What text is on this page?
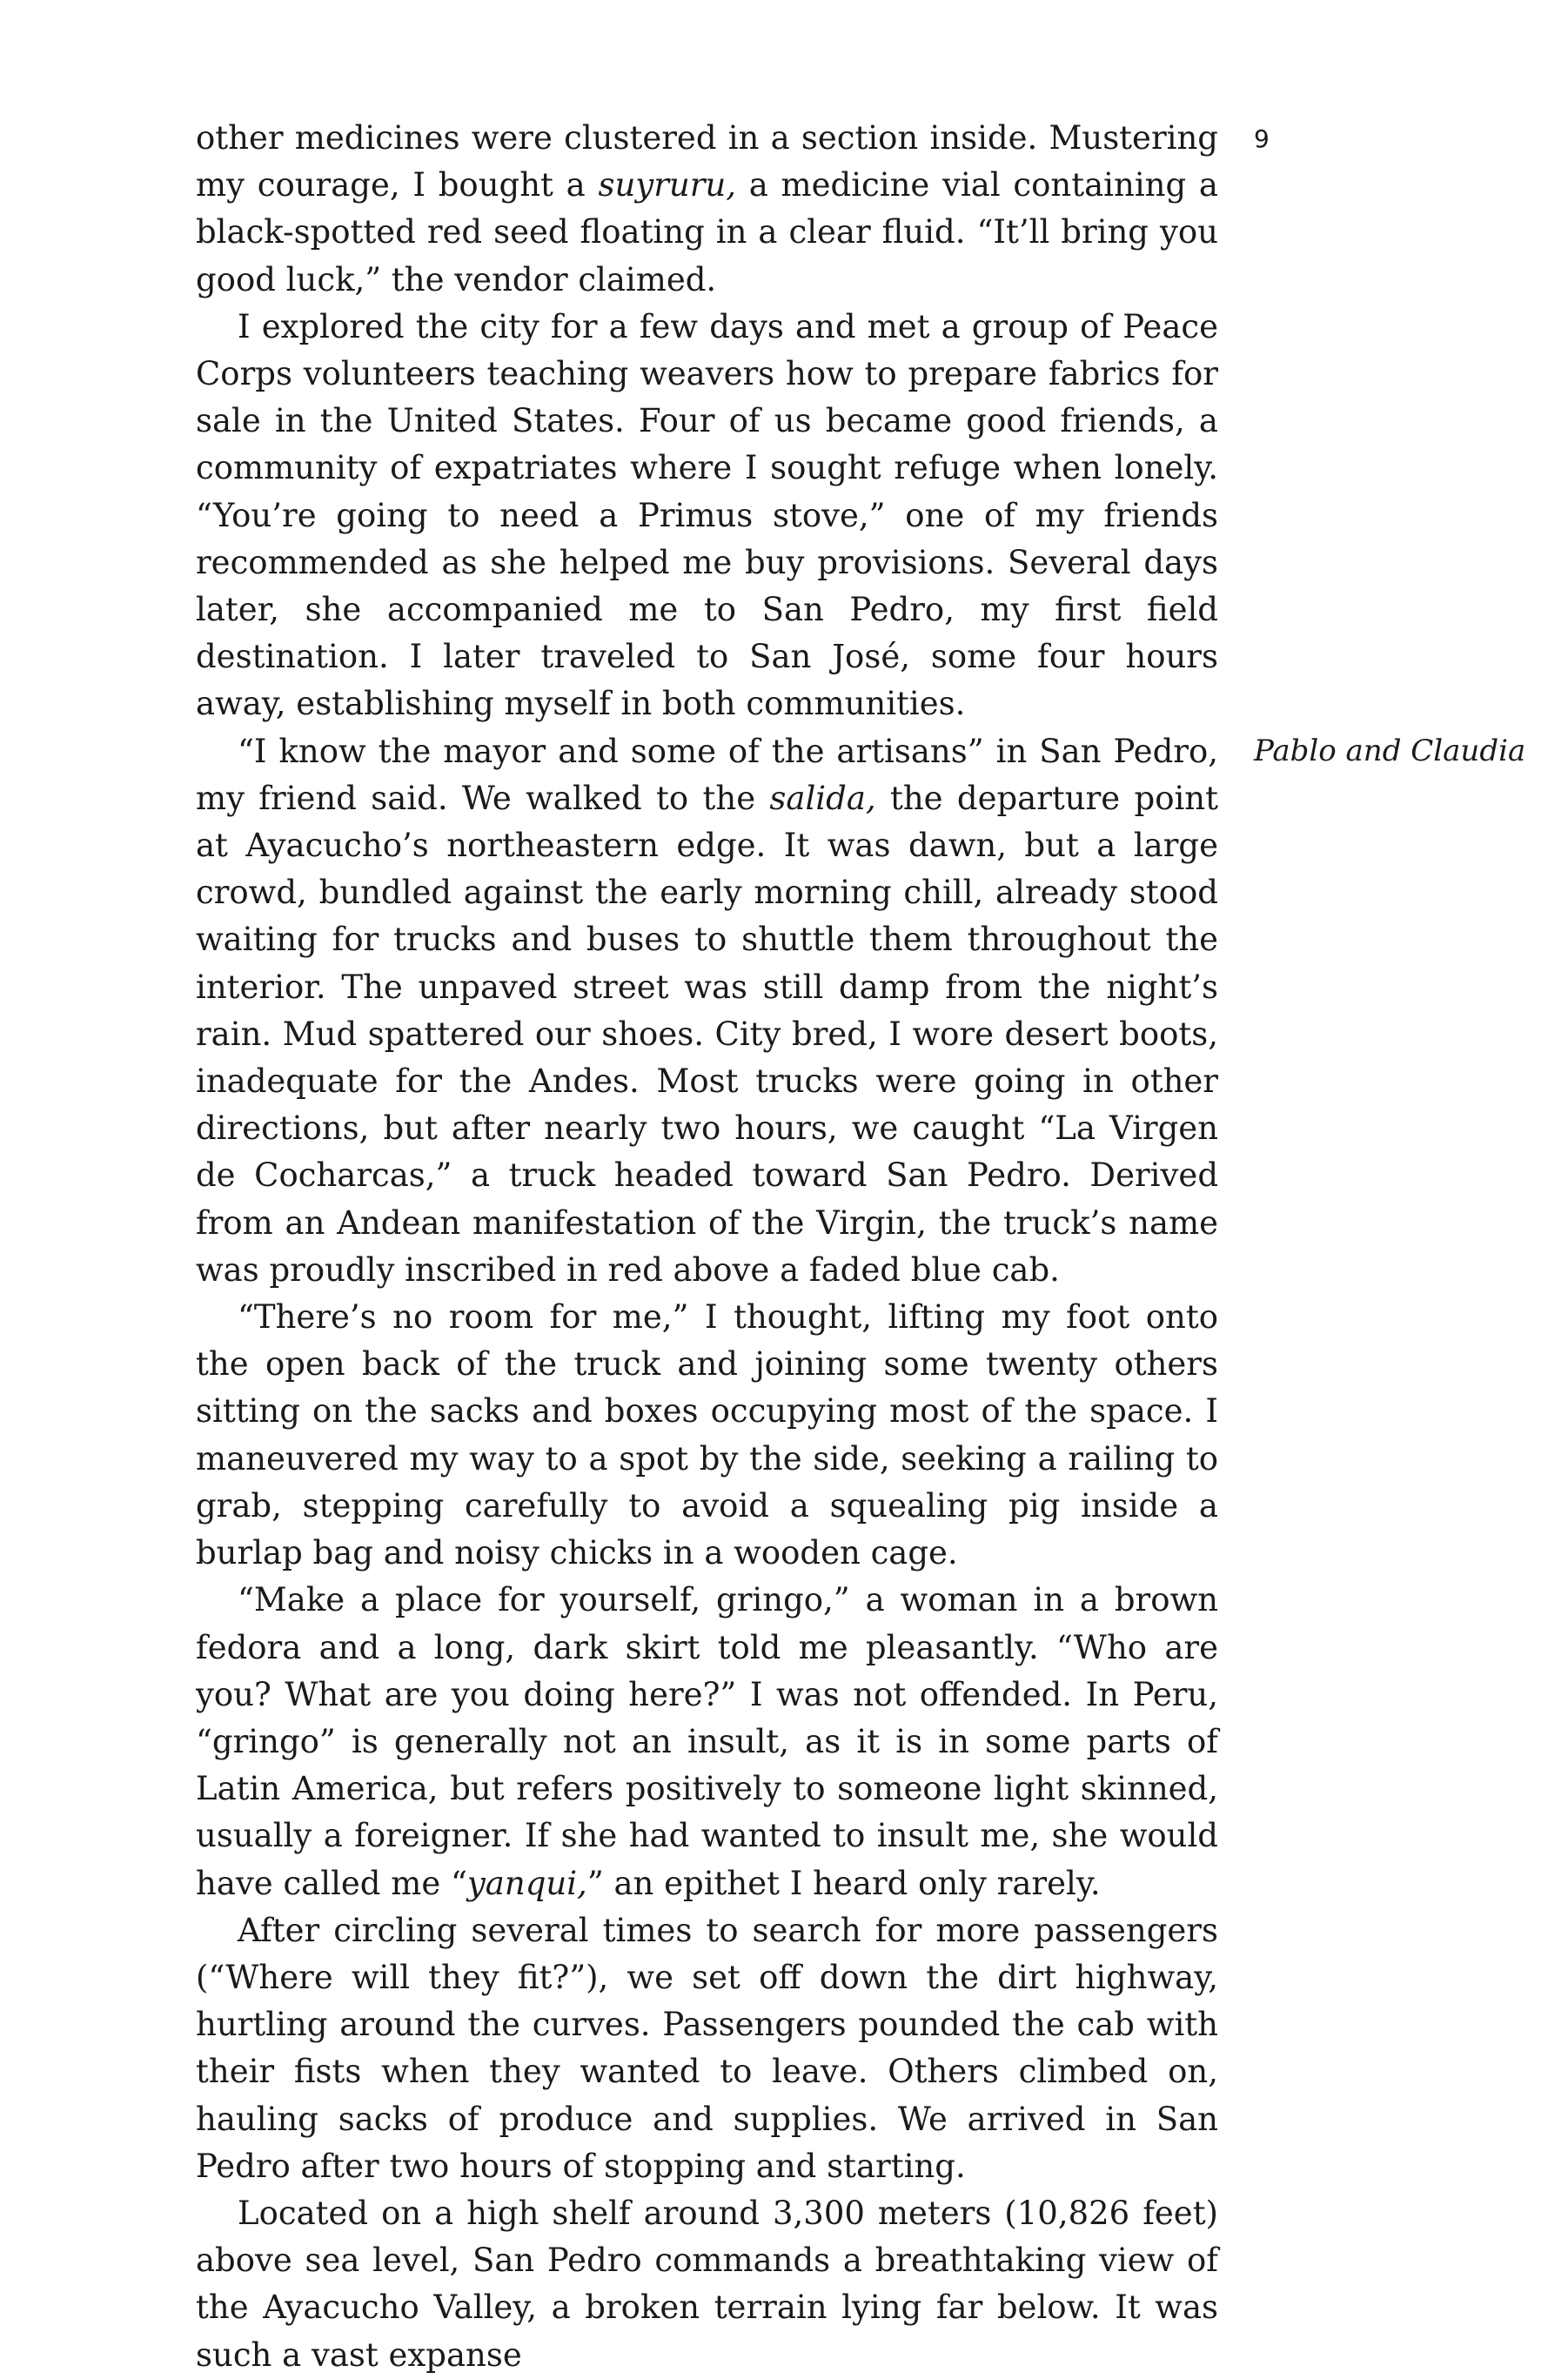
other medicines were clustered in a section inside. Mustering my courage, I bought a suyruru, a medicine vial containing a black-spotted red seed floating in a clear fluid. “It’ll bring you good luck,” the vendor claimed.

I explored the city for a few days and met a group of Peace Corps volunteers teaching weavers how to prepare fabrics for sale in the United States. Four of us became good friends, a community of expatriates where I sought refuge when lonely. “You’re going to need a Primus stove,” one of my friends recommended as she helped me buy provisions. Several days later, she accompanied me to San Pedro, my first field destination. I later traveled to San José, some four hours away, establishing myself in both communities.

“I know the mayor and some of the artisans” in San Pedro, my friend said. We walked to the salida, the departure point at Ayacucho’s northeastern edge. It was dawn, but a large crowd, bundled against the early morning chill, already stood waiting for trucks and buses to shuttle them throughout the interior. The unpaved street was still damp from the night’s rain. Mud spattered our shoes. City bred, I wore desert boots, inadequate for the Andes. Most trucks were going in other directions, but after nearly two hours, we caught “La Virgen de Cocharcas,” a truck headed toward San Pedro. Derived from an Andean manifestation of the Virgin, the truck’s name was proudly inscribed in red above a faded blue cab.

“There’s no room for me,” I thought, lifting my foot onto the open back of the truck and joining some twenty others sitting on the sacks and boxes occupying most of the space. I maneuvered my way to a spot by the side, seeking a railing to grab, stepping carefully to avoid a squealing pig inside a burlap bag and noisy chicks in a wooden cage.

“Make a place for yourself, gringo,” a woman in a brown fedora and a long, dark skirt told me pleasantly. “Who are you? What are you doing here?” I was not offended. In Peru, “gringo” is generally not an insult, as it is in some parts of Latin America, but refers positively to someone light skinned, usually a foreigner. If she had wanted to insult me, she would have called me “yanqui,” an epithet I heard only rarely.

After circling several times to search for more passengers (“Where will they fit?”), we set off down the dirt highway, hurtling around the curves. Passengers pounded the cab with their fists when they wanted to leave. Others climbed on, hauling sacks of produce and supplies. We arrived in San Pedro after two hours of stopping and starting.

Located on a high shelf around 3,300 meters (10,826 feet) above sea level, San Pedro commands a breathtaking view of the Ayacucho Valley, a broken terrain lying far below. It was such a vast expanse

9
Pablo and Claudia
